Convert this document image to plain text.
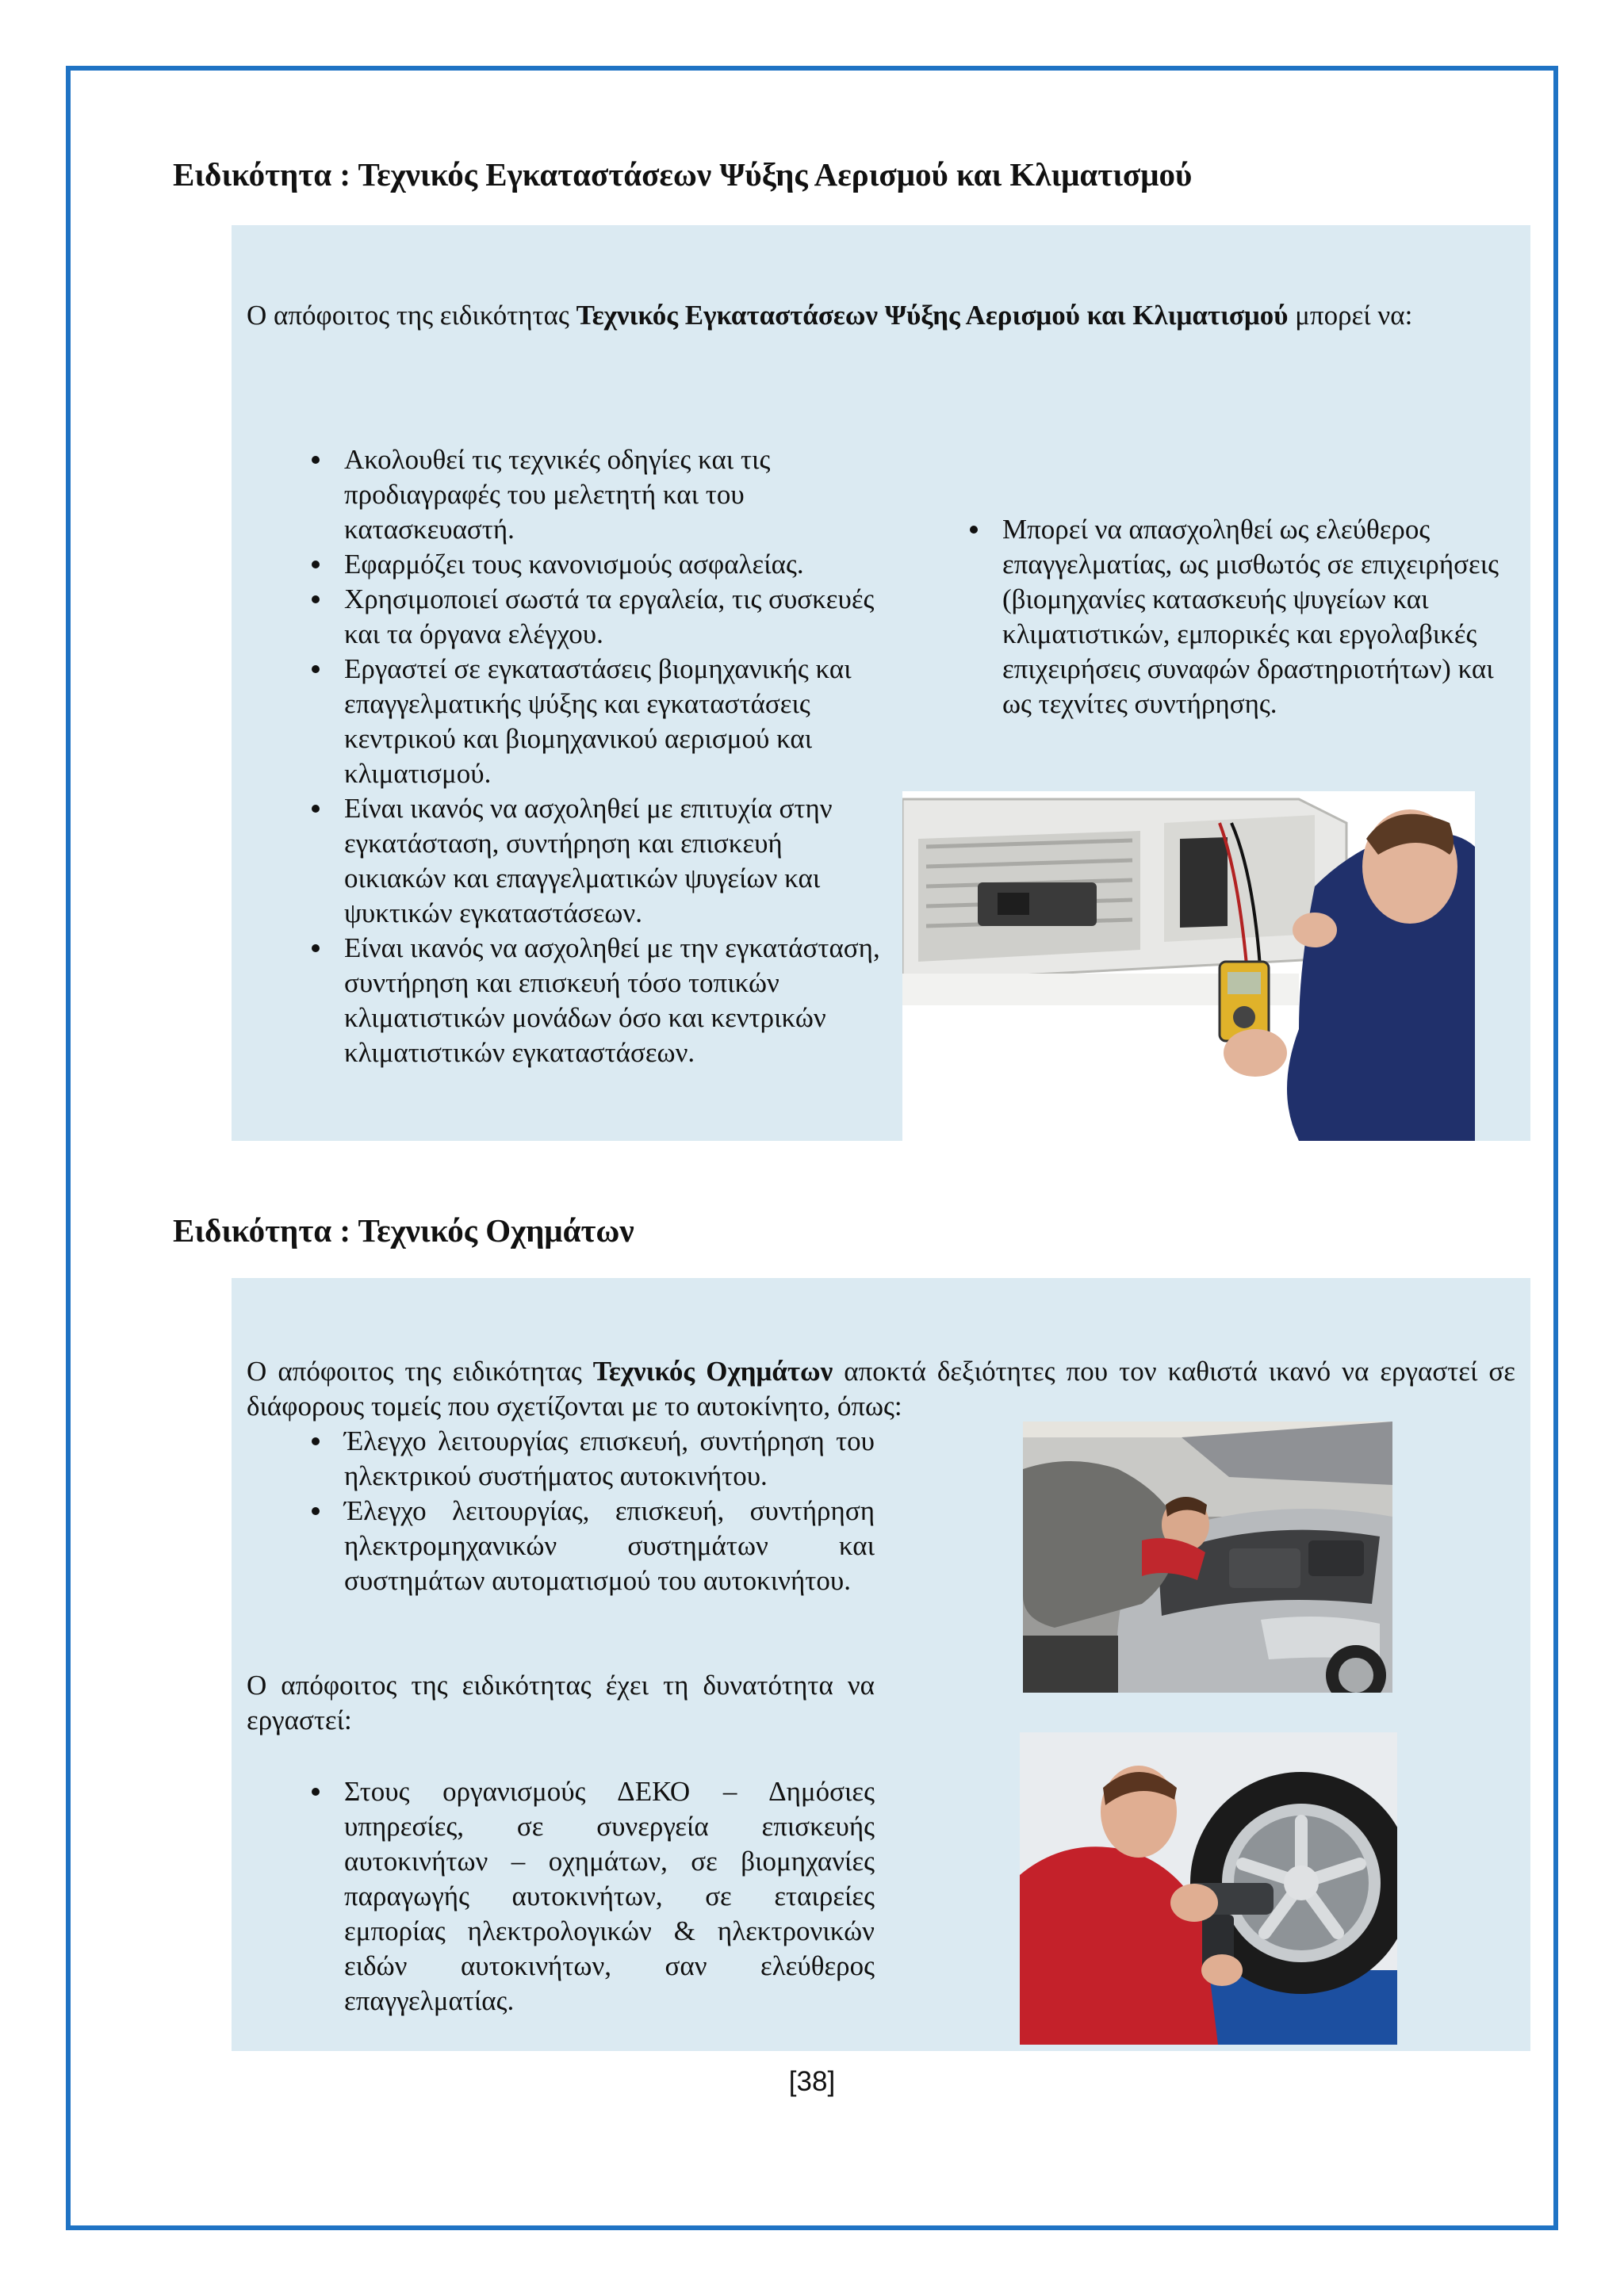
Ειδικότητα : Τεχνικός Εγκαταστάσεων Ψύξης Αερισμού και Κλιματισμού

Ο απόφοιτος της ειδικότητας Τεχνικός Εγκαταστάσεων Ψύξης Αερισμού και Κλιματισμού μπορεί να:

Ακολουθεί τις τεχνικές οδηγίες και τις προδιαγραφές του μελετητή και του κατασκευαστή.
Εφαρμόζει τους κανονισμούς ασφαλείας.
Χρησιμοποιεί σωστά τα εργαλεία, τις συσκευές και τα όργανα ελέγχου.
Εργαστεί σε εγκαταστάσεις βιομηχανικής και επαγγελματικής ψύξης και εγκαταστάσεις κεντρικού και βιομηχανικού αερισμού και κλιματισμού.
Είναι ικανός να ασχοληθεί με επιτυχία στην εγκατάσταση, συντήρηση και επισκευή οικιακών και επαγγελματικών ψυγείων και ψυκτικών εγκαταστάσεων.
Είναι ικανός να ασχοληθεί με την εγκατάσταση, συντήρηση και επισκευή τόσο τοπικών κλιματιστικών μονάδων όσο και κεντρικών κλιματιστικών εγκαταστάσεων.
Μπορεί να απασχοληθεί ως ελεύθερος επαγγελματίας, ως μισθωτός σε επιχειρήσεις (βιομηχανίες κατασκευής ψυγείων και κλιματιστικών, εμπορικές και εργολαβικές επιχειρήσεις συναφών δραστηριοτήτων) και ως τεχνίτες συντήρησης.
Ειδικότητα : Τεχνικός Οχημάτων

Ο απόφοιτος της ειδικότητας Τεχνικός Οχημάτων αποκτά δεξιότητες που τον καθιστά ικανό να εργαστεί σε διάφορους τομείς που σχετίζονται με το αυτοκίνητο, όπως:

Έλεγχο λειτουργίας επισκευή, συντήρηση του ηλεκτρικού συστήματος αυτοκινήτου.
Έλεγχο λειτουργίας, επισκευή, συντήρηση ηλεκτρομηχανικών συστημάτων και συστημάτων αυτοματισμού του αυτοκινήτου.

Ο απόφοιτος της ειδικότητας έχει τη δυνατότητα να εργαστεί:

Στους οργανισμούς ΔΕΚΟ – Δημόσιες υπηρεσίες, σε συνεργεία επισκευής αυτοκινήτων – οχημάτων, σε βιομηχανίες παραγωγής αυτοκινήτων, σε εταιρείες εμπορίας ηλεκτρολογικών & ηλεκτρονικών ειδών αυτοκινήτων, σαν ελεύθερος επαγγελματίας.
[38]
